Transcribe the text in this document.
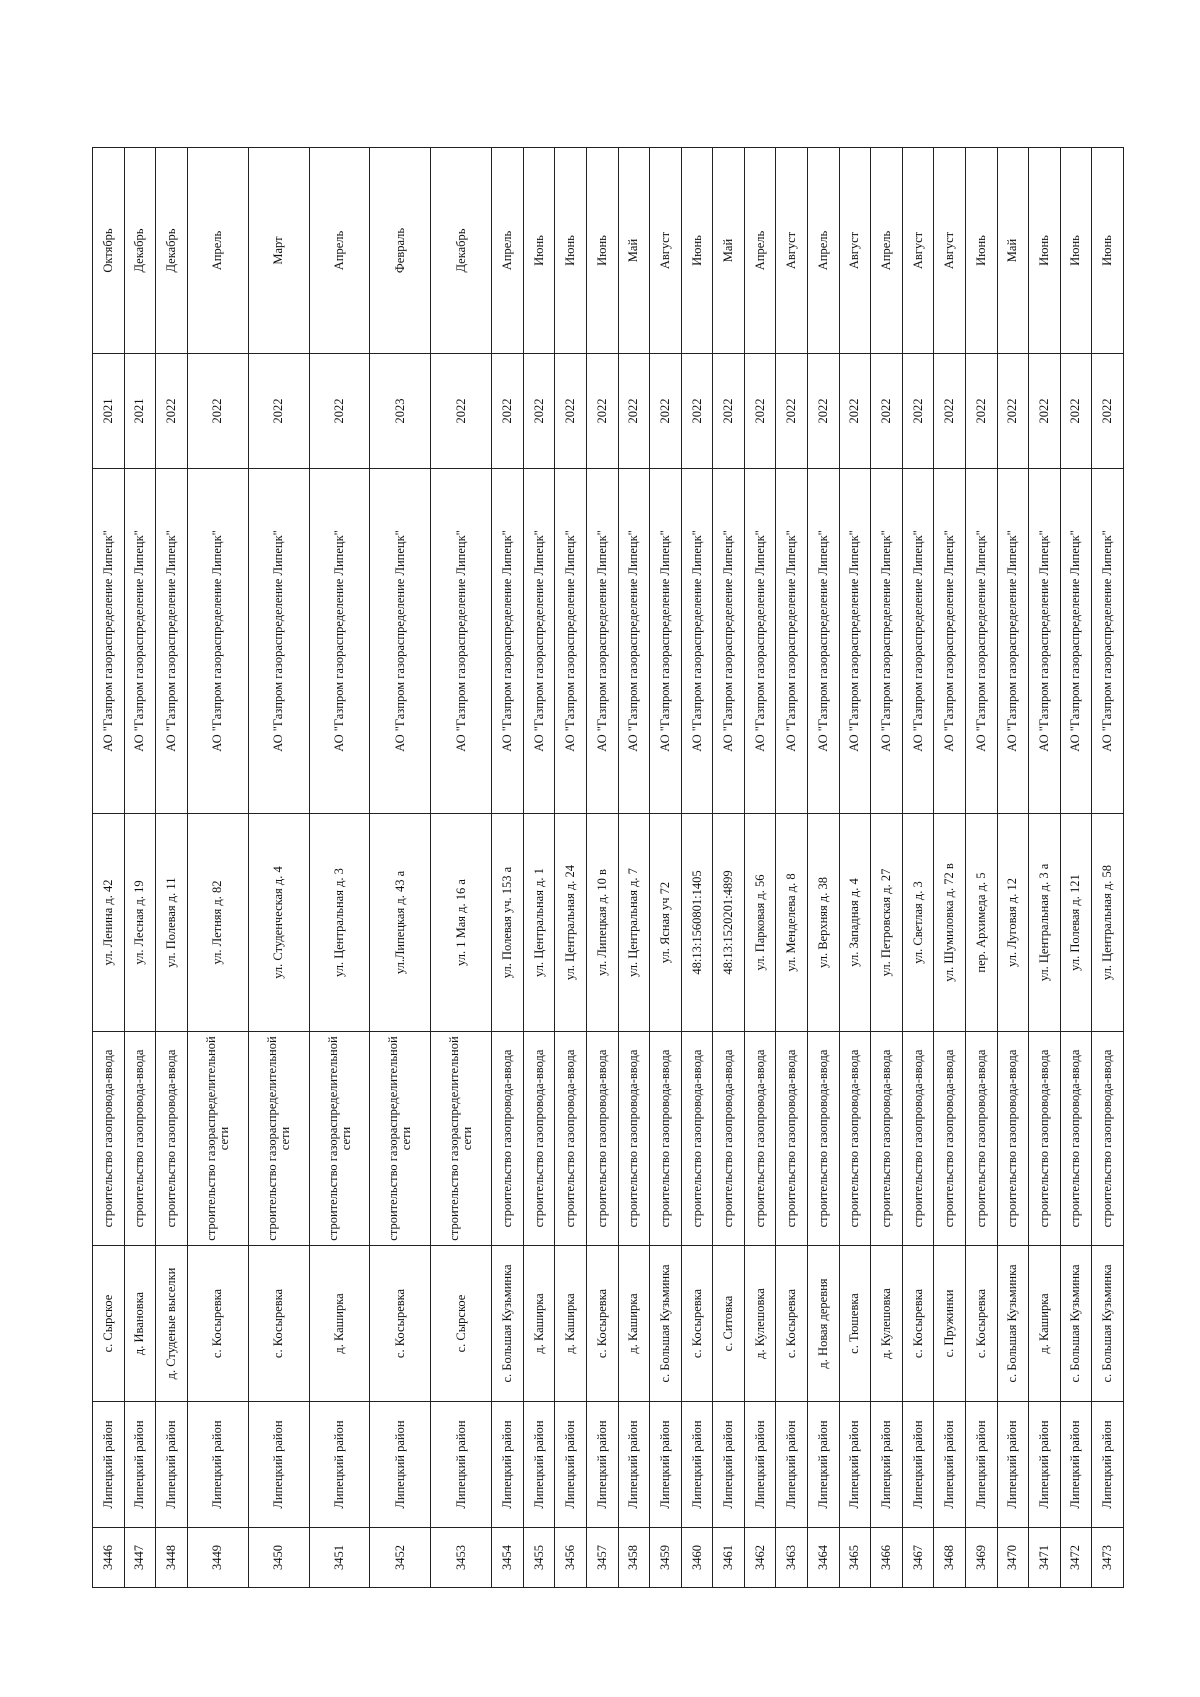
3446	Липецкий район	с. Сырское	строительство газопровода-ввода	ул. Ленина д. 42	АО "Газпром газораспределение Липецк"	2021	Октябрь
3447	Липецкий район	д. Ивановка	строительство газопровода-ввода	ул. Лесная д. 19	АО "Газпром газораспределение Липецк"	2021	Декабрь
3448	Липецкий район	д. Студеные выселки	строительство газопровода-ввода	ул. Полевая д. 11	АО "Газпром газораспределение Липецк"	2022	Декабрь
3449	Липецкий район	с. Косыревка	строительство газораспределительной сети	ул. Летняя д. 82	АО "Газпром газораспределение Липецк"	2022	Апрель
3450	Липецкий район	с. Косыревка	строительство газораспределительной сети	ул. Студенческая д. 4	АО "Газпром газораспределение Липецк"	2022	Март
3451	Липецкий район	д. Каширка	строительство газораспределительной сети	ул. Центральная д. 3	АО "Газпром газораспределение Липецк"	2022	Апрель
3452	Липецкий район	с. Косыревка	строительство газораспределительной сети	ул.Липецкая д. 43 а	АО "Газпром газораспределение Липецк"	2023	Февраль
3453	Липецкий район	с. Сырское	строительство газораспределительной сети	ул. 1 Мая д. 16 а	АО "Газпром газораспределение Липецк"	2022	Декабрь
3454	Липецкий район	с. Большая Кузьминка	строительство газопровода-ввода	ул. Полевая уч. 153 а	АО "Газпром газораспределение Липецк"	2022	Апрель
3455	Липецкий район	д. Каширка	строительство газопровода-ввода	ул. Центральная д. 1	АО "Газпром газораспределение Липецк"	2022	Июнь
3456	Липецкий район	д. Каширка	строительство газопровода-ввода	ул. Центральная д. 24	АО "Газпром газораспределение Липецк"	2022	Июнь
3457	Липецкий район	с. Косыревка	строительство газопровода-ввода	ул. Липецкая д. 10 в	АО "Газпром газораспределение Липецк"	2022	Июнь
3458	Липецкий район	д. Каширка	строительство газопровода-ввода	ул. Центральная д. 7	АО "Газпром газораспределение Липецк"	2022	Май
3459	Липецкий район	с. Большая Кузьминка	строительство газопровода-ввода	ул. Ясная уч 72	АО "Газпром газораспределение Липецк"	2022	Август
3460	Липецкий район	с. Косыревка	строительство газопровода-ввода	48:13:1560801:1405	АО "Газпром газораспределение Липецк"	2022	Июнь
3461	Липецкий район	с. Ситовка	строительство газопровода-ввода	48:13:1520201:4899	АО "Газпром газораспределение Липецк"	2022	Май
3462	Липецкий район	д. Кулешовка	строительство газопровода-ввода	ул. Парковая д. 56	АО "Газпром газораспределение Липецк"	2022	Апрель
3463	Липецкий район	с. Косыревка	строительство газопровода-ввода	ул. Менделева д. 8	АО "Газпром газораспределение Липецк"	2022	Август
3464	Липецкий район	д. Новая деревня	строительство газопровода-ввода	ул. Верхняя д. 38	АО "Газпром газораспределение Липецк"	2022	Апрель
3465	Липецкий район	с. Тюшевка	строительство газопровода-ввода	ул. Западная д. 4	АО "Газпром газораспределение Липецк"	2022	Август
3466	Липецкий район	д. Кулешовка	строительство газопровода-ввода	ул. Петровская д. 27	АО "Газпром газораспределение Липецк"	2022	Апрель
3467	Липецкий район	с. Косыревка	строительство газопровода-ввода	ул. Светлая д. 3	АО "Газпром газораспределение Липецк"	2022	Август
3468	Липецкий район	с. Пружинки	строительство газопровода-ввода	ул. Шумиловка д. 72 в	АО "Газпром газораспределение Липецк"	2022	Август
3469	Липецкий район	с. Косыревка	строительство газопровода-ввода	пер. Архимеда д. 5	АО "Газпром газораспределение Липецк"	2022	Июнь
3470	Липецкий район	с. Большая Кузьминка	строительство газопровода-ввода	ул. Луговая д. 12	АО "Газпром газораспределение Липецк"	2022	Май
3471	Липецкий район	д. Каширка	строительство газопровода-ввода	ул. Центральная д. 3 а	АО "Газпром газораспределение Липецк"	2022	Июнь
3472	Липецкий район	с. Большая Кузьминка	строительство газопровода-ввода	ул. Полевая д. 121	АО "Газпром газораспределение Липецк"	2022	Июнь
3473	Липецкий район	с. Большая Кузьминка	строительство газопровода-ввода	ул. Центральная д. 58	АО "Газпром газораспределение Липецк"	2022	Июнь
